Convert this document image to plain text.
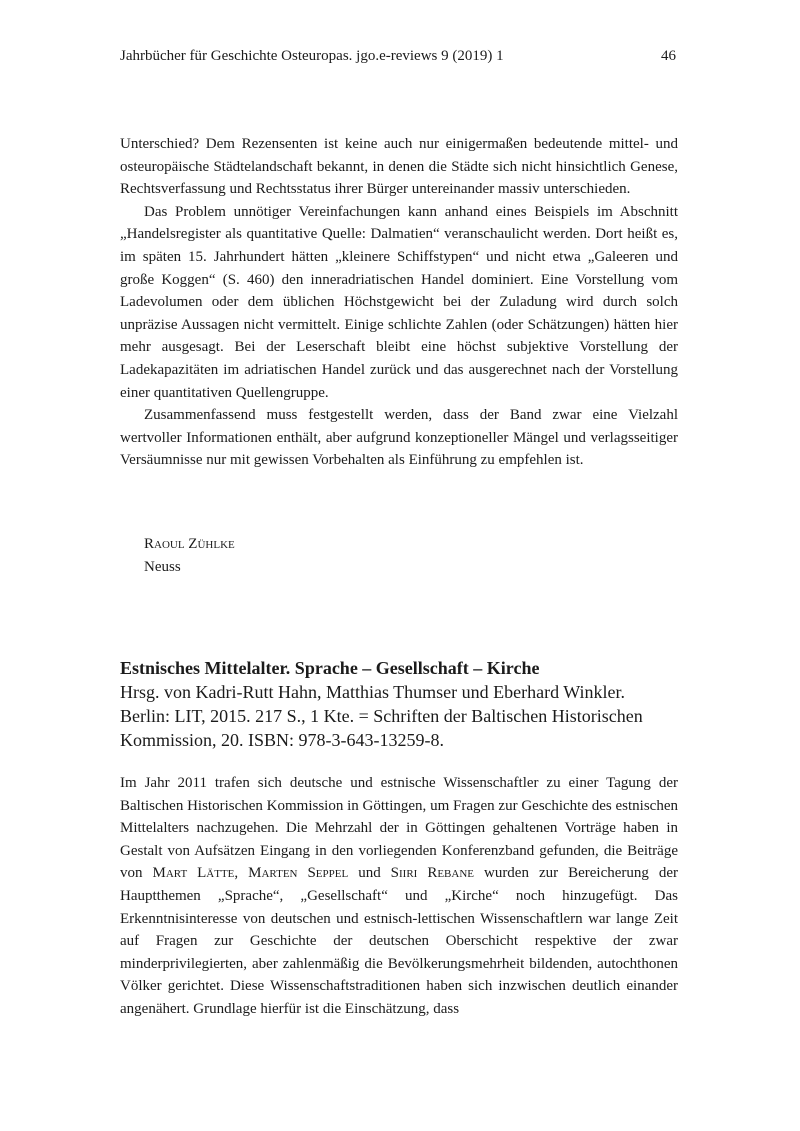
Jahrbücher für Geschichte Osteuropas. jgo.e-reviews 9 (2019) 1	46

Unterschied? Dem Rezensenten ist keine auch nur einigermaßen bedeutende mittel- und osteuropäische Städtelandschaft bekannt, in denen die Städte sich nicht hinsichtlich Genese, Rechtsverfassung und Rechtsstatus ihrer Bürger untereinander massiv unterschieden.

Das Problem unnötiger Vereinfachungen kann anhand eines Beispiels im Abschnitt „Handelsregister als quantitative Quelle: Dalmatien“ veranschaulicht werden. Dort heißt es, im späten 15. Jahrhundert hätten „kleinere Schiffstypen“ und nicht etwa „Galeeren und große Koggen“ (S. 460) den inneradriatischen Handel dominiert. Eine Vorstellung vom Ladevolumen oder dem üblichen Höchstgewicht bei der Zuladung wird durch solch unpräzise Aussagen nicht vermittelt. Einige schlichte Zahlen (oder Schätzungen) hätten hier mehr ausgesagt. Bei der Leserschaft bleibt eine höchst subjektive Vorstellung der Ladekapazitäten im adriatischen Handel zurück und das ausgerechnet nach der Vorstellung einer quantitativen Quellengruppe.

Zusammenfassend muss festgestellt werden, dass der Band zwar eine Vielzahl wertvoller Informationen enthält, aber aufgrund konzeptioneller Mängel und verlagsseitiger Versäumnisse nur mit gewissen Vorbehalten als Einführung zu empfehlen ist.

Raoul Zühlke
Neuss
Estnisches Mittelalter. Sprache – Gesellschaft – Kirche
Hrsg. von Kadri-Rutt Hahn, Matthias Thumser und Eberhard Winkler.
Berlin: LIT, 2015. 217 S., 1 Kte. = Schriften der Baltischen Historischen Kommission, 20. ISBN: 978-3-643-13259-8.

Im Jahr 2011 trafen sich deutsche und estnische Wissenschaftler zu einer Tagung der Baltischen Historischen Kommission in Göttingen, um Fragen zur Geschichte des estnischen Mittelalters nachzugehen. Die Mehrzahl der in Göttingen gehaltenen Vorträge haben in Gestalt von Aufsätzen Eingang in den vorliegenden Konferenzband gefunden, die Beiträge von Mart Lätte, Marten Seppel und Siiri Rebane wurden zur Bereicherung der Hauptthemen „Sprache“, „Gesellschaft“ und „Kirche“ noch hinzugefügt. Das Erkenntnisinteresse von deutschen und estnisch-lettischen Wissenschaftlern war lange Zeit auf Fragen zur Geschichte der deutschen Oberschicht respektive der zwar minderprivilegierten, aber zahlenmäßig die Bevölkerungsmehrheit bildenden, autochthonen Völker gerichtet. Diese Wissenschaftstraditionen haben sich inzwischen deutlich einander angenähert. Grundlage hierfür ist die Einschätzung, dass
